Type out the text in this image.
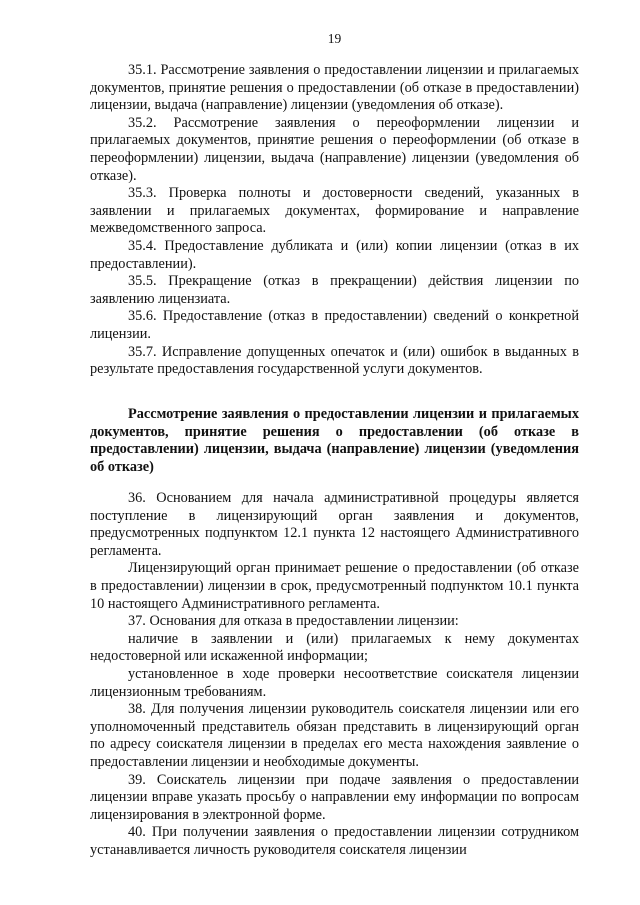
19

35.1. Рассмотрение заявления о предоставлении лицензии и прилагаемых документов, принятие решения о предоставлении (об отказе в предоставлении) лицензии, выдача (направление) лицензии (уведомления об отказе).

35.2. Рассмотрение заявления о переоформлении лицензии и прилагаемых документов, принятие решения о переоформлении (об отказе в переоформлении) лицензии, выдача (направление) лицензии (уведомления об отказе).

35.3. Проверка полноты и достоверности сведений, указанных в заявлении и прилагаемых документах, формирование и направление межведомственного запроса.

35.4. Предоставление дубликата и (или) копии лицензии (отказ в их предоставлении).

35.5. Прекращение (отказ в прекращении) действия лицензии по заявлению лицензиата.

35.6. Предоставление (отказ в предоставлении) сведений о конкретной лицензии.

35.7. Исправление допущенных опечаток и (или) ошибок в выданных в результате предоставления государственной услуги документов.

Рассмотрение заявления о предоставлении лицензии и прилагаемых документов, принятие решения о предоставлении (об отказе в предоставлении) лицензии, выдача (направление) лицензии (уведомления об отказе)

36. Основанием для начала административной процедуры является поступление в лицензирующий орган заявления и документов, предусмотренных подпунктом 12.1 пункта 12 настоящего Административного регламента.

Лицензирующий орган принимает решение о предоставлении (об отказе в предоставлении) лицензии в срок, предусмотренный подпунктом 10.1 пункта 10 настоящего Административного регламента.

37. Основания для отказа в предоставлении лицензии:

наличие в заявлении и (или) прилагаемых к нему документах недостоверной или искаженной информации;

установленное в ходе проверки несоответствие соискателя лицензии лицензионным требованиям.

38. Для получения лицензии руководитель соискателя лицензии или его уполномоченный представитель обязан представить в лицензирующий орган по адресу соискателя лицензии в пределах его места нахождения заявление о предоставлении лицензии и необходимые документы.

39. Соискатель лицензии при подаче заявления о предоставлении лицензии вправе указать просьбу о направлении ему информации по вопросам лицензирования в электронной форме.

40. При получении заявления о предоставлении лицензии сотрудником устанавливается личность руководителя соискателя лицензии
